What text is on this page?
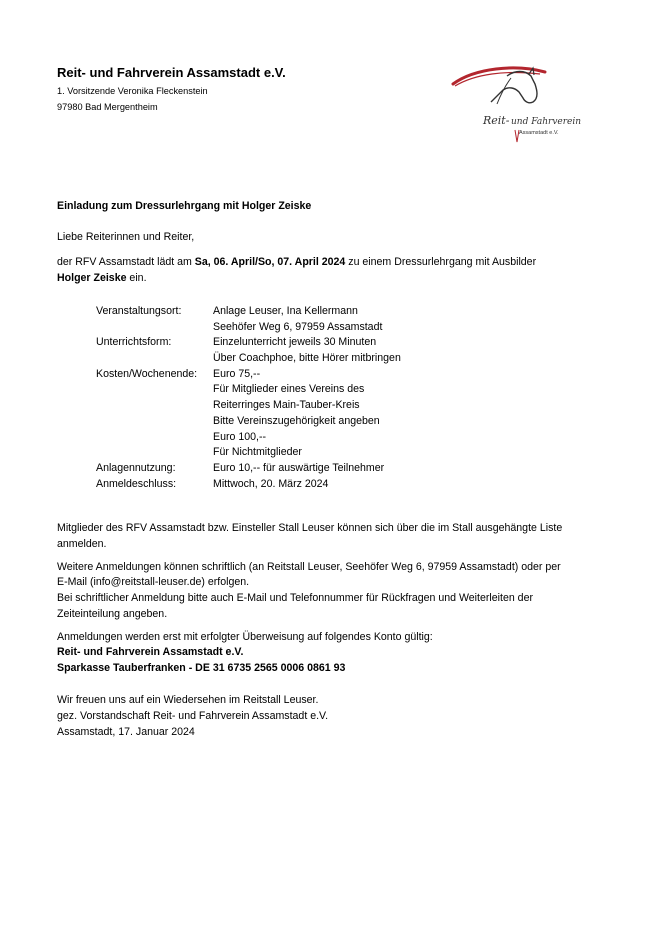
Reit- und Fahrverein Assamstadt e.V.
1. Vorsitzende Veronika Fleckenstein
97980 Bad Mergentheim
Reit- und Fahrverein
Assamstadt e.V.
Einladung zum Dressurlehrgang mit Holger Zeiske
Liebe Reiterinnen und Reiter,
der RFV Assamstadt lädt am Sa, 06. April/So, 07. April 2024 zu einem Dressurlehrgang mit Ausbilder
Holger Zeiske ein.
Veranstaltungsort:	Anlage Leuser, Ina Kellermann
Seehöfer Weg 6, 97959 Assamstadt
Unterrichtsform:	Einzelunterricht jeweils 30 Minuten
Über Coachphoe, bitte Hörer mitbringen
Kosten/Wochenende: Euro 75,--
Für Mitglieder eines Vereins des
Reiterringes Main-Tauber-Kreis
Bitte Vereinszugehörigkeit angeben
Euro 100,--
Für Nichtmitglieder
Anlagennutzung:	Euro 10,-- für auswärtige Teilnehmer
Anmeldeschluss:	Mittwoch, 20. März 2024
Mitglieder des RFV Assamstadt bzw. Einsteller Stall Leuser können sich über die im Stall ausgehängte Liste
anmelden.
Weitere Anmeldungen können schriftlich (an Reitstall Leuser, Seehöfer Weg 6, 97959 Assamstadt) oder per
E-Mail (info@reitstall-leuser.de) erfolgen.
Bei schriftlicher Anmeldung bitte auch E-Mail und Telefonnummer für Rückfragen und Weiterleiten der
Zeiteinteilung angeben.
Anmeldungen werden erst mit erfolgter Überweisung auf folgendes Konto gültig:
Reit- und Fahrverein Assamstadt e.V.
Sparkasse Tauberfranken - DE 31 6735 2565 0006 0861 93
Wir freuen uns auf ein Wiedersehen im Reitstall Leuser.
gez. Vorstandschaft Reit- und Fahrverein Assamstadt e.V.
Assamstadt, 17. Januar 2024
